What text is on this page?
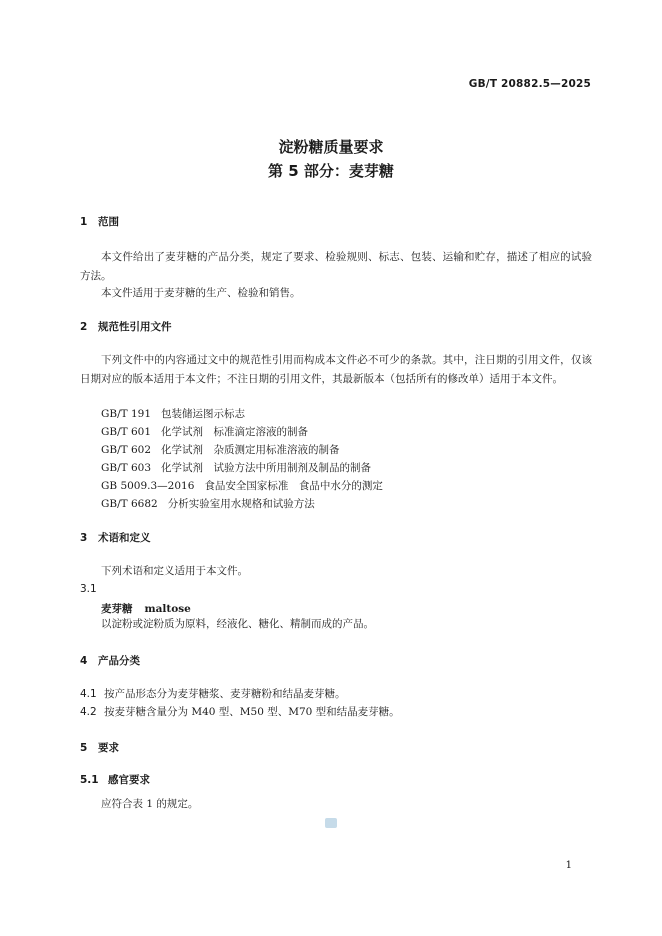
GB/T 20882.5—2025
淀粉糖质量要求
第 5 部分：麦芽糖
1 范围
本文件给出了麦芽糖的产品分类，规定了要求、检验规则、标志、包装、运输和贮存，描述了相应的试验方法。
本文件适用于麦芽糖的生产、检验和销售。
2 规范性引用文件
下列文件中的内容通过文中的规范性引用而构成本文件必不可少的条款。其中，注日期的引用文件，仅该日期对应的版本适用于本文件；不注日期的引用文件，其最新版本（包括所有的修改单）适用于本文件。
GB/T 191 包装储运图示标志
GB/T 601 化学试剂　标准滴定溶液的制备
GB/T 602 化学试剂　杂质测定用标准溶液的制备
GB/T 603 化学试剂　试验方法中所用制剂及制品的制备
GB 5009.3—2016 食品安全国家标准　食品中水分的测定
GB/T 6682 分析实验室用水规格和试验方法
3 术语和定义
下列术语和定义适用于本文件。
3.1
麦芽糖 maltose
以淀粉或淀粉质为原料，经液化、糖化、精制而成的产品。
4 产品分类
4.1 按产品形态分为麦芽糖浆、麦芽糖粉和结晶麦芽糖。
4.2 按麦芽糖含量分为 M40 型、M50 型、M70 型和结晶麦芽糖。
5 要求
5.1 感官要求
应符合表 1 的规定。
1
